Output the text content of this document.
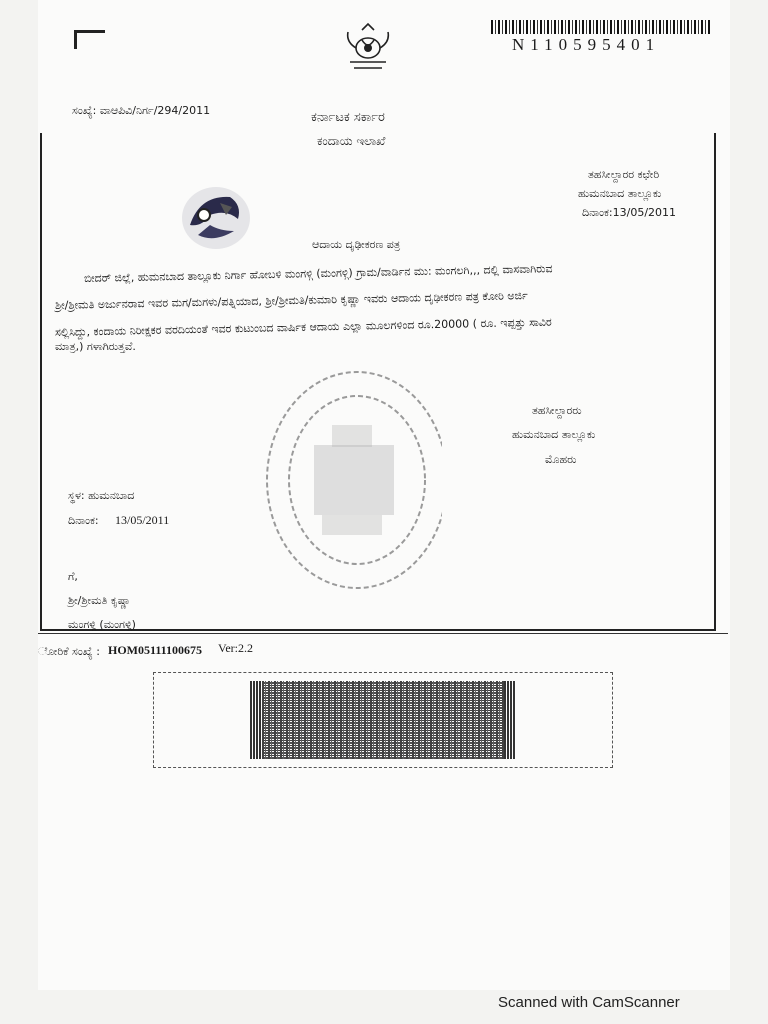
N110595401
ಸಂಖ್ಯೆ: ವಾಆಪಿವಿ/ನಿರ್ಗ/294/2011	ಕರ್ನಾಟಕ ಸರ್ಕಾರ
ಕಂದಾಯ ಇಲಾಖೆ
ತಹಸೀಲ್ದಾರರ ಕಛೇರಿ
ಹುಮನಬಾದ ತಾಲ್ಲೂಕು
ದಿನಾಂಕ:13/05/2011
ಆದಾಯ ದೃಢೀಕರಣ ಪತ್ರ
ಬೀದರ್ ಜಿಲ್ಲೆ, ಹುಮನಬಾದ ತಾಲ್ಲೂಕು ನಿರ್ಗಾ ಹೋಬಳಿ ಮಂಗಳ್ಗಿ (ಮಂಗಳ್ಗಿ) ಗ್ರಾಮ/ವಾರ್ಡಿನ ಮು: ಮಂಗಲಗಿ,,, ದಲ್ಲಿ ವಾಸವಾಗಿರುವ
ಶ್ರೀ/ಶ್ರೀಮತಿ ಅರ್ಜುನರಾವ ಇವರ ಮಗ/ಮಗಳು/ಪತ್ನಿಯಾದ, ಶ್ರೀ/ಶ್ರೀಮತಿ/ಕುಮಾರಿ ಕೃಷ್ಣಾ ಇವರು ಆದಾಯ ದೃಢೀಕರಣ ಪತ್ರ ಕೋರಿ ಅರ್ಜಿ
ಸಲ್ಲಿಸಿದ್ದು, ಕಂದಾಯ ನಿರೀಕ್ಷಕರ ವರದಿಯಂತೆ ಇವರ ಕುಟುಂಬದ ವಾರ್ಷಿಕ ಆದಾಯ ಎಲ್ಲಾ ಮೂಲಗಳಿಂದ ರೂ.20000 ( ರೂ. ಇಪ್ಪತ್ತು ಸಾವಿರ
ಮಾತ್ರ,) ಗಳಾಗಿರುತ್ತವೆ.
ತಹಸೀಲ್ದಾರರು
ಹುಮನಬಾದ ತಾಲ್ಲೂಕು
ಮೊಹರು
ಸ್ಥಳ: ಹುಮನಬಾದ
ದಿನಾಂಕ: 13/05/2011
ಗೆ,
ಶ್ರೀ/ಶ್ರೀಮತಿ ಕೃಷ್ಣಾ
ಮಂಗಳ್ಗಿ (ಮಂಗಳ್ಗಿ)
ೋರಿಕೆ ಸಂಖ್ಯೆ : HOM05111100675 Ver:2.2
Scanned with CamScanner
